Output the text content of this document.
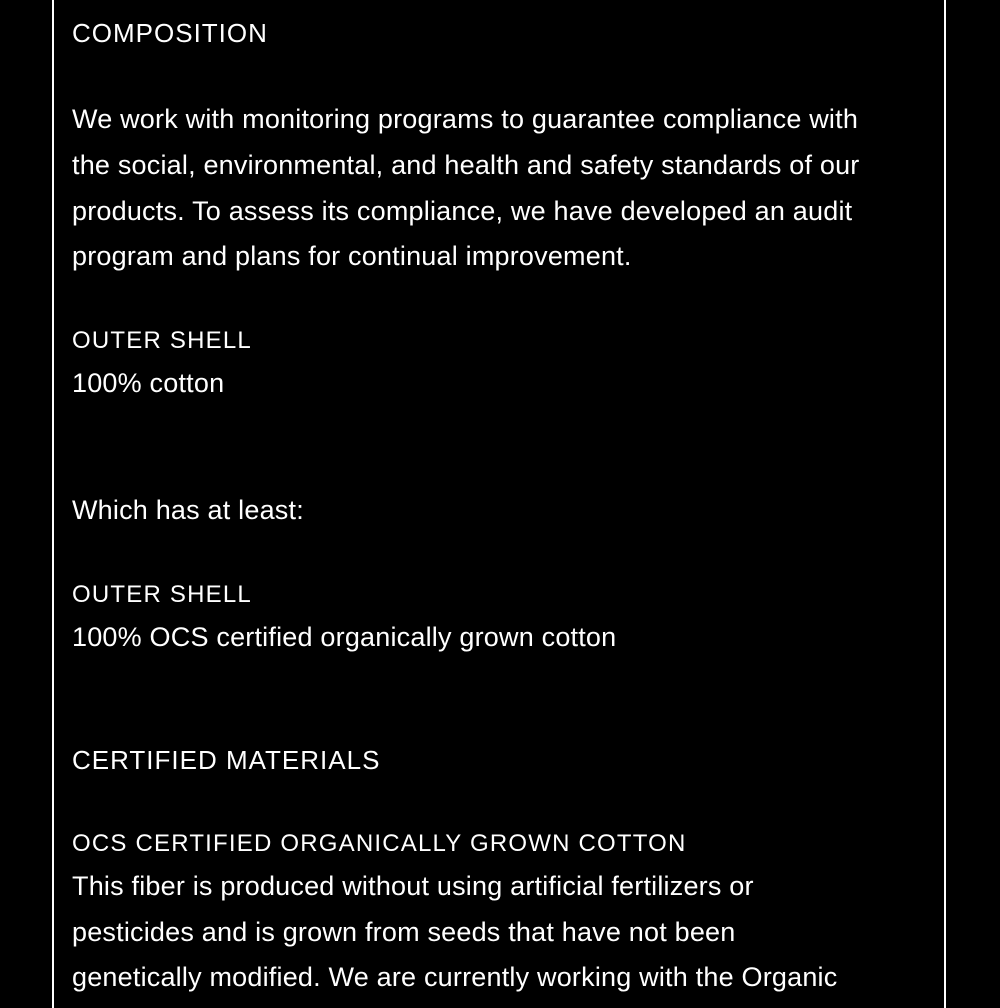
COMPOSITION
We work with monitoring programs to guarantee compliance with
the social, environmental, and health and safety standards of our
products. To assess its compliance, we have developed an audit
program and plans for continual improvement.
OUTER SHELL
100% cotton
Which has at least:
OUTER SHELL
100% OCS certified organically grown cotton
CERTIFIED MATERIALS
OCS CERTIFIED ORGANICALLY GROWN COTTON
This fiber is produced without using artificial fertilizers or
pesticides and is grown from seeds that have not been
genetically modified. We are currently working with the Organic
